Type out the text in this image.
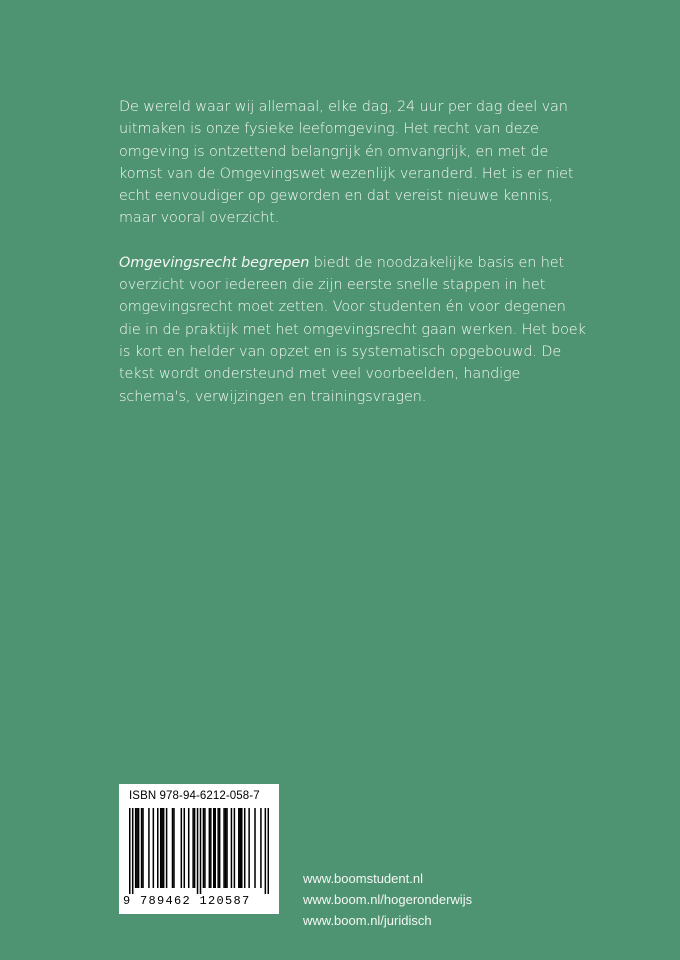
De wereld waar wij allemaal, elke dag, 24 uur per dag deel van uitmaken is onze fysieke leefomgeving. Het recht van deze omgeving is ontzettend belangrijk én omvangrijk, en met de komst van de Omgevingswet wezenlijk veranderd. Het is er niet echt eenvoudiger op geworden en dat vereist nieuwe kennis, maar vooral overzicht.

Omgevingsrecht begrepen biedt de noodzakelijke basis en het overzicht voor iedereen die zijn eerste snelle stappen in het omgevingsrecht moet zetten. Voor studenten én voor degenen die in de praktijk met het omgevingsrecht gaan werken. Het boek is kort en helder van opzet en is systematisch opgebouwd. De tekst wordt ondersteund met veel voorbeelden, handige schema's, verwijzingen en trainingsvragen.

ISBN 978-94-6212-058-7
9 789462 120587
www.boomstudent.nl
www.boom.nl/hogeronderwijs
www.boom.nl/juridisch
